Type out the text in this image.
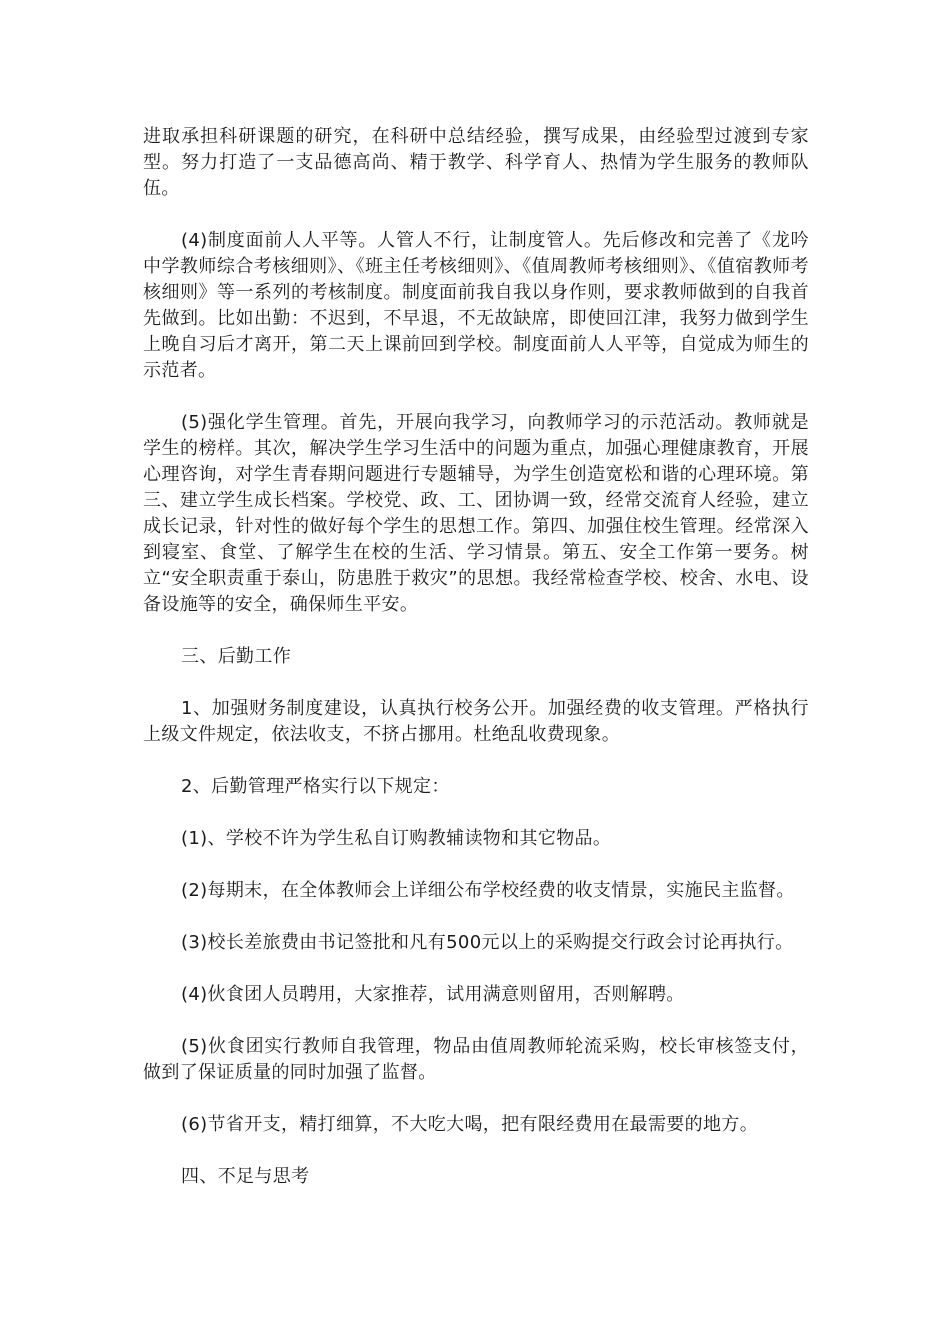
进取承担科研课题的研究，在科研中总结经验，撰写成果，由经验型过渡到专家型。努力打造了一支品德高尚、精于教学、科学育人、热情为学生服务的教师队伍。

(4)制度面前人人平等。人管人不行，让制度管人。先后修改和完善了《龙吟中学教师综合考核细则》、《班主任考核细则》、《值周教师考核细则》、《值宿教师考核细则》等一系列的考核制度。制度面前我自我以身作则，要求教师做到的自我首先做到。比如出勤：不迟到，不早退，不无故缺席，即使回江津，我努力做到学生上晚自习后才离开，第二天上课前回到学校。制度面前人人平等，自觉成为师生的示范者。

(5)强化学生管理。首先，开展向我学习，向教师学习的示范活动。教师就是学生的榜样。其次，解决学生学习生活中的问题为重点，加强心理健康教育，开展心理咨询，对学生青春期问题进行专题辅导，为学生创造宽松和谐的心理环境。第三、建立学生成长档案。学校党、政、工、团协调一致，经常交流育人经验，建立成长记录，针对性的做好每个学生的思想工作。第四、加强住校生管理。经常深入到寝室、食堂、了解学生在校的生活、学习情景。第五、安全工作第一要务。树立“安全职责重于泰山，防患胜于救灾”的思想。我经常检查学校、校舍、水电、设备设施等的安全，确保师生平安。

三、后勤工作

1、加强财务制度建设，认真执行校务公开。加强经费的收支管理。严格执行上级文件规定，依法收支，不挤占挪用。杜绝乱收费现象。

2、后勤管理严格实行以下规定：

(1)、学校不许为学生私自订购教辅读物和其它物品。

(2)每期末，在全体教师会上详细公布学校经费的收支情景，实施民主监督。

(3)校长差旅费由书记签批和凡有500元以上的采购提交行政会讨论再执行。

(4)伙食团人员聘用，大家推荐，试用满意则留用，否则解聘。

(5)伙食团实行教师自我管理，物品由值周教师轮流采购，校长审核签支付，做到了保证质量的同时加强了监督。

(6)节省开支，精打细算，不大吃大喝，把有限经费用在最需要的地方。

四、不足与思考
